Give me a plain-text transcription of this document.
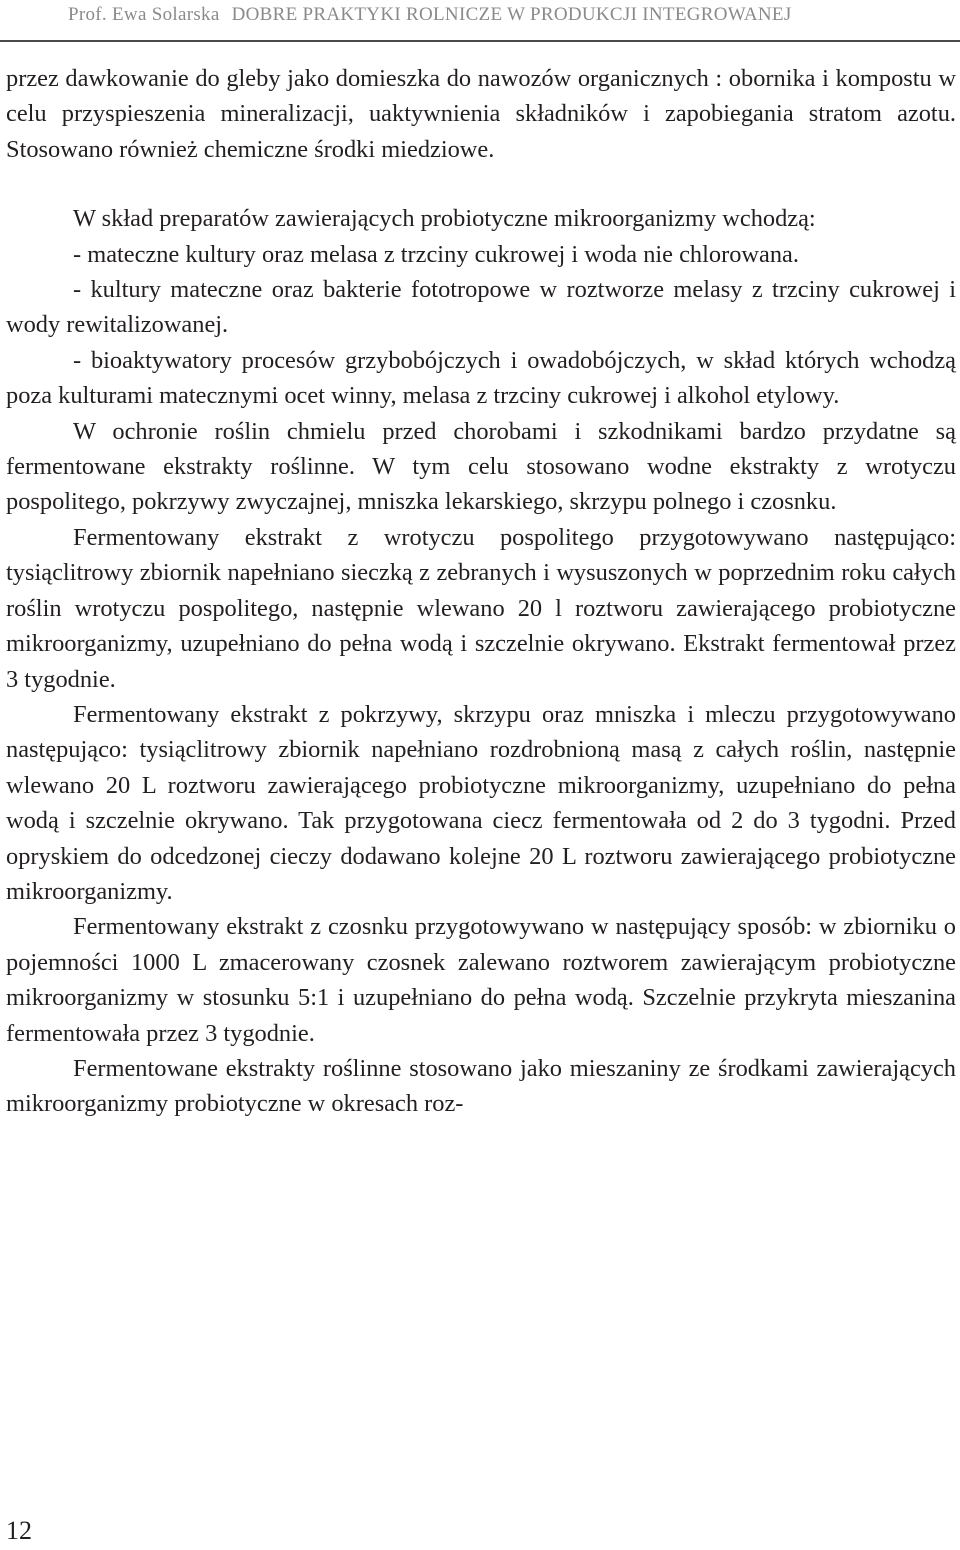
Prof. Ewa Solarska DOBRE PRAKTYKI ROLNICZE W PRODUKCJI INTEGROWANEJ

przez dawkowanie do gleby jako domieszka do nawozów organicznych : obornika i kompostu w celu przyspieszenia mineralizacji, uaktywnienia składników i zapobiegania stratom azotu. Stosowano również chemiczne środki miedziowe.

W skład preparatów zawierających probiotyczne mikroorganizmy wchodzą:

- mateczne kultury oraz melasa z trzciny cukrowej i woda nie chlorowana.

- kultury mateczne oraz bakterie fototropowe w roztworze melasy z trzciny cukrowej i wody rewitalizowanej.

- bioaktywatory procesów grzybobójczych i owadobójczych, w skład których wchodzą poza kulturami matecznymi ocet winny, melasa z trzciny cukrowej i alkohol etylowy.

W ochronie roślin chmielu przed chorobami i szkodnikami bardzo przydatne są fermentowane ekstrakty roślinne. W tym celu stosowano wodne ekstrakty z wrotyczu pospolitego, pokrzywy zwyczajnej, mniszka lekarskiego, skrzypu polnego i czosnku.

Fermentowany ekstrakt z wrotyczu pospolitego przygotowywano następująco: tysiąclitrowy zbiornik napełniano sieczką z zebranych i wysuszonych w poprzednim roku całych roślin wrotyczu pospolitego, następnie wlewano 20 l roztworu zawierającego probiotyczne mikroorganizmy, uzupełniano do pełna wodą i szczelnie okrywano. Ekstrakt fermentował przez 3 tygodnie.

Fermentowany ekstrakt z pokrzywy, skrzypu oraz mniszka i mleczu przygotowywano następująco: tysiąclitrowy zbiornik napełniano rozdrobnioną masą z całych roślin, następnie wlewano 20 L roztworu zawierającego probiotyczne mikroorganizmy, uzupełniano do pełna wodą i szczelnie okrywano. Tak przygotowana ciecz fermentowała od 2 do 3 tygodni. Przed opryskiem do odcedzonej cieczy dodawano kolejne 20 L roztworu zawierającego probiotyczne mikroorganizmy.

Fermentowany ekstrakt z czosnku przygotowywano w następujący sposób: w zbiorniku o pojemności 1000 L zmacerowany czosnek zalewano roztworem zawierającym probiotyczne mikroorganizmy w stosunku 5:1 i uzupełniano do pełna wodą. Szczelnie przykryta mieszanina fermentowała przez 3 tygodnie.

Fermentowane ekstrakty roślinne stosowano jako mieszaniny ze środkami zawierających mikroorganizmy probiotyczne w okresach roz-

12
